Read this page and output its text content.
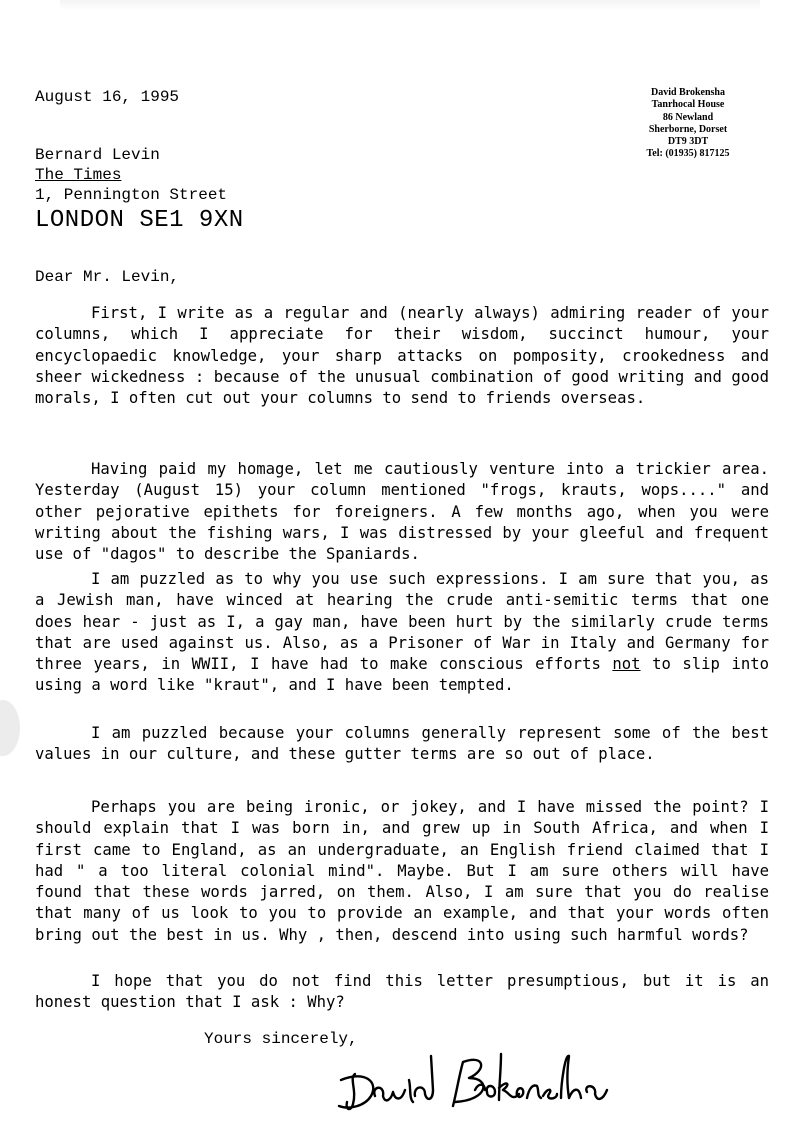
August 16, 1995	David Brokensha
Tanrhocal House
86 Newland
Sherborne, Dorset
DT9 3DT
Tel: (01935) 817125
Bernard Levin
The Times
1, Pennington Street
LONDON SE1 9XN
Dear Mr. Levin,
First, I write as a regular and (nearly always) admiring reader of your columns, which I appreciate for their wisdom, succinct humour, your encyclopaedic knowledge, your sharp attacks on pomposity, crookedness and sheer wickedness : because of the unusual combination of good writing and good morals, I often cut out your columns to send to friends overseas.
Having paid my homage, let me cautiously venture into a trickier area. Yesterday (August 15) your column mentioned "frogs, krauts, wops...." and other pejorative epithets for foreigners. A few months ago, when you were writing about the fishing wars, I was distressed by your gleeful and frequent use of "dagos" to describe the Spaniards.
I am puzzled as to why you use such expressions. I am sure that you, as a Jewish man, have winced at hearing the crude anti-semitic terms that one does hear - just as I, a gay man, have been hurt by the similarly crude terms that are used against us. Also, as a Prisoner of War in Italy and Germany for three years, in WWII, I have had to make conscious efforts not to slip into using a word like "kraut", and I have been tempted.
I am puzzled because your columns generally represent some of the best values in our culture, and these gutter terms are so out of place.
Perhaps you are being ironic, or jokey, and I have missed the point? I should explain that I was born in, and grew up in South Africa, and when I first came to England, as an undergraduate, an English friend claimed that I had " a too literal colonial mind". Maybe. But I am sure others will have found that these words jarred, on them. Also, I am sure that you do realise that many of us look to you to provide an example, and that your words often bring out the best in us. Why , then, descend into using such harmful words?
I hope that you do not find this letter presumptious, but it is an honest question that I ask : Why?
Yours sincerely,
